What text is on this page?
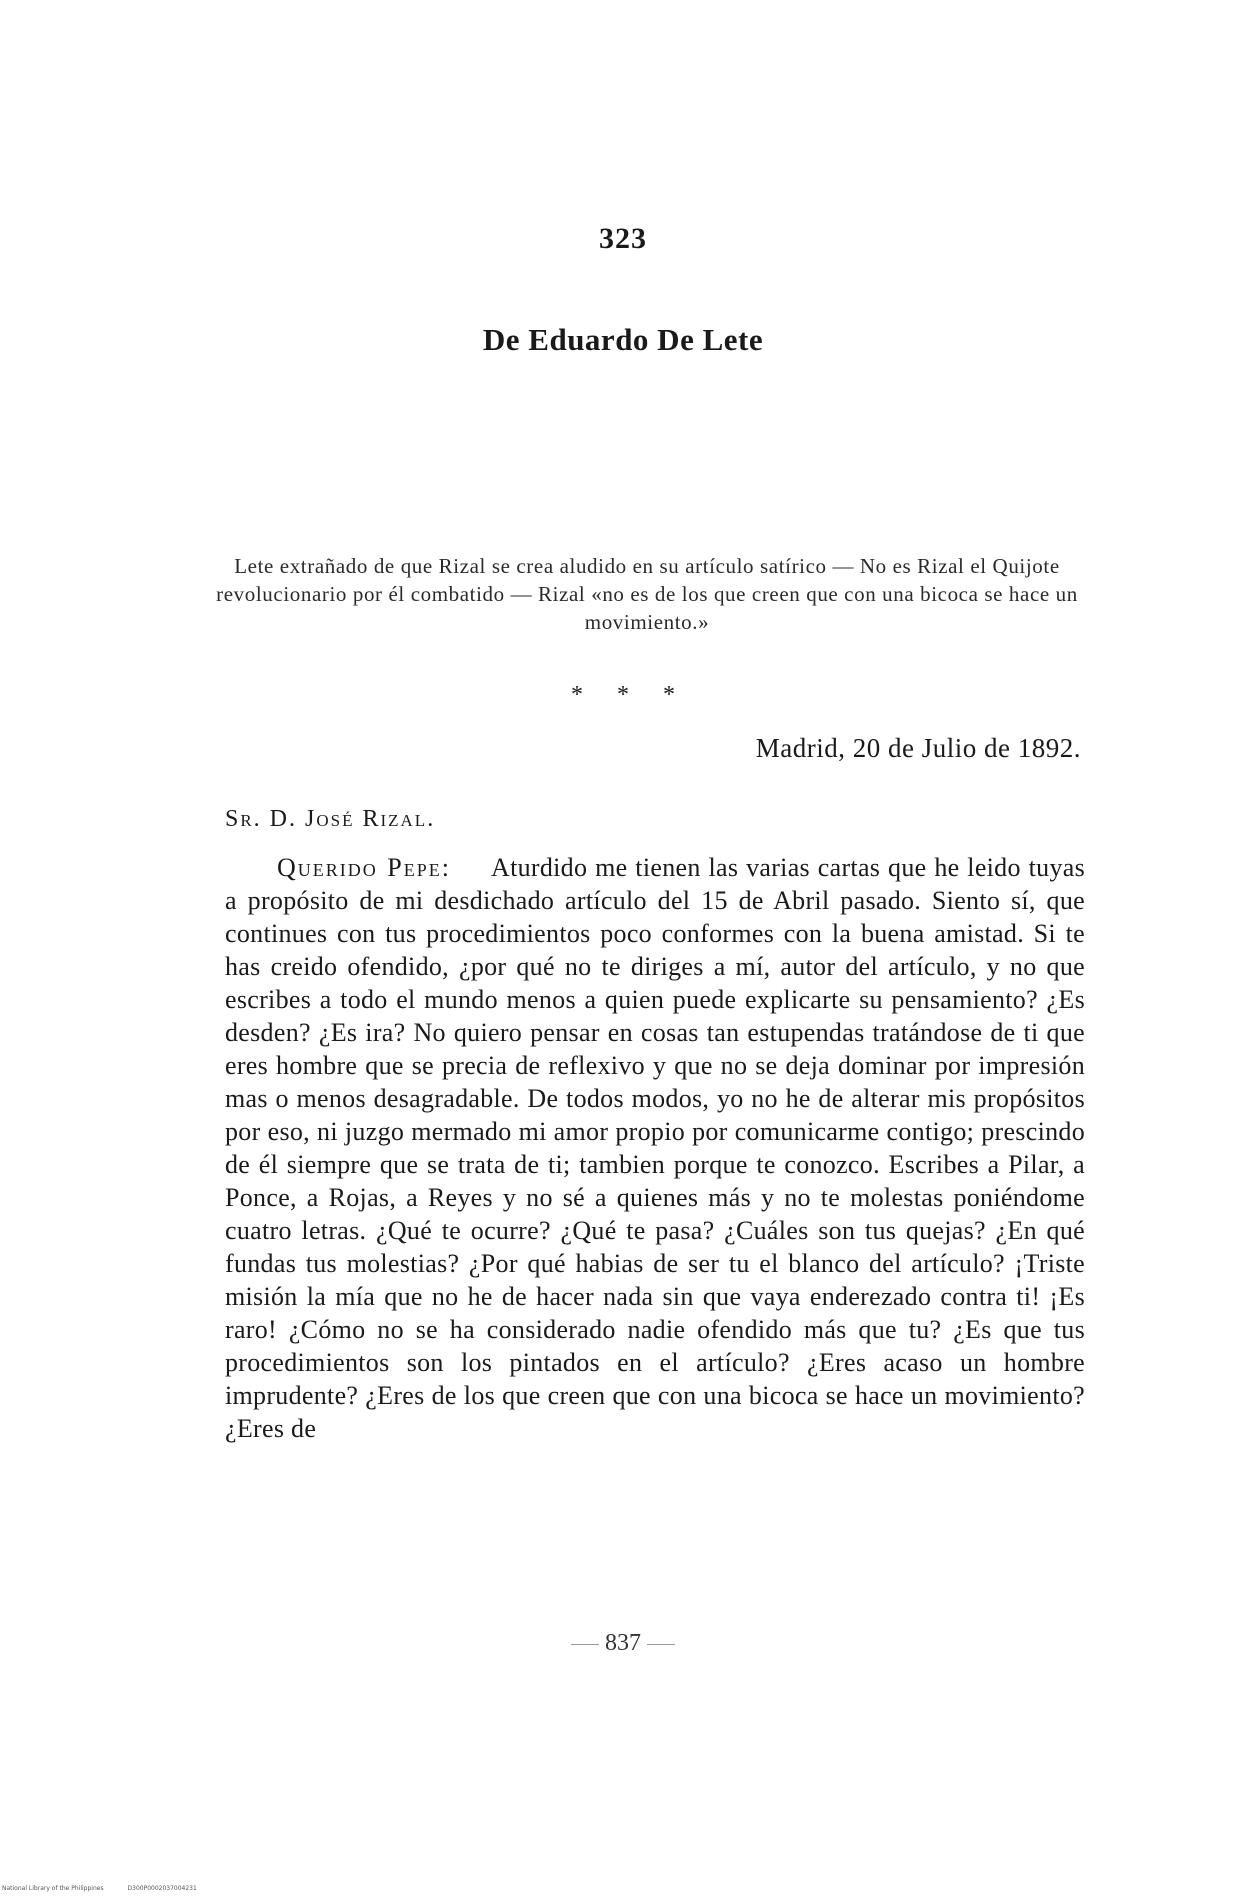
323
De Eduardo De Lete
Lete extrañado de que Rizal se crea aludido en su artículo satírico — No es Rizal el Quijote revolucionario por él combatido — Rizal «no es de los que creen que con una bicoca se hace un movimiento.»
* * *
Madrid, 20 de Julio de 1892.
Sr. D. José Rizal.
Querido Pepe: Aturdido me tienen las varias cartas que he leido tuyas a propósito de mi desdichado artículo del 15 de Abril pasado. Siento sí, que continues con tus procedimientos poco conformes con la buena amistad. Si te has creido ofendido, ¿por qué no te diriges a mí, autor del artículo, y no que escribes a todo el mundo menos a quien puede explicarte su pensamiento? ¿Es desden? ¿Es ira? No quiero pensar en cosas tan estupendas tratándose de ti que eres hombre que se precia de reflexivo y que no se deja dominar por impresión mas o menos desagradable. De todos modos, yo no he de alterar mis propósitos por eso, ni juzgo mermado mi amor propio por comunicarme contigo; prescindo de él siempre que se trata de ti; tambien porque te conozco. Escribes a Pilar, a Ponce, a Rojas, a Reyes y no sé a quienes más y no te molestas poniéndome cuatro letras. ¿Qué te ocurre? ¿Qué te pasa? ¿Cuáles son tus quejas? ¿En qué fundas tus molestias? ¿Por qué habias de ser tu el blanco del artículo? ¡Triste misión la mía que no he de hacer nada sin que vaya enderezado contra ti! ¡Es raro! ¿Cómo no se ha considerado nadie ofendido más que tu? ¿Es que tus procedimientos son los pintados en el artículo? ¿Eres acaso un hombre imprudente? ¿Eres de los que creen que con una bicoca se hace un movimiento? ¿Eres de
837
National Library of the Philippines	D300P0002037004231
